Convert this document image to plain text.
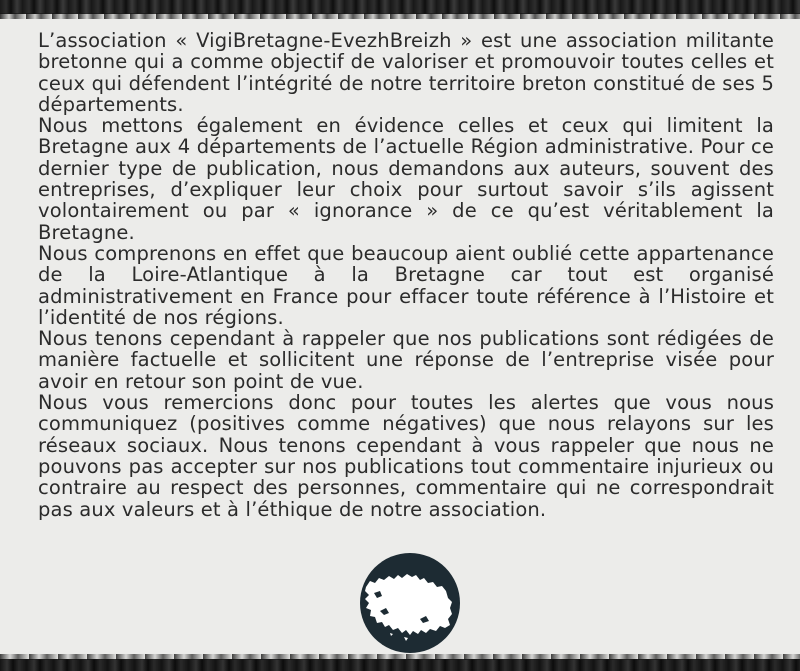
L’association « VigiBretagne-EvezhBreizh » est une association militante bretonne qui a comme objectif de valoriser et promouvoir toutes celles et ceux qui défendent l’intégrité de notre territoire breton constitué de ses 5 départements.

Nous mettons également en évidence celles et ceux qui limitent la Bretagne aux 4 départements de l’actuelle Région administrative. Pour ce dernier type de publication, nous demandons aux auteurs, souvent des entreprises, d’expliquer leur choix pour surtout savoir s’ils agissent volontairement ou par « ignorance » de ce qu’est véritablement la Bretagne.

Nous comprenons en effet que beaucoup aient oublié cette appartenance de la Loire-Atlantique à la Bretagne car tout est organisé administrativement en France pour effacer toute référence à l’Histoire et l’identité de nos régions.

Nous tenons cependant à rappeler que nos publications sont rédigées de manière factuelle et sollicitent une réponse de l’entreprise visée pour avoir en retour son point de vue.

Nous vous remercions donc pour toutes les alertes que vous nous communiquez (positives comme négatives) que nous relayons sur les réseaux sociaux. Nous tenons cependant à vous rappeler que nous ne pouvons pas accepter sur nos publications tout commentaire injurieux ou contraire au respect des personnes, commentaire qui ne correspondrait pas aux valeurs et à l’éthique de notre association.
